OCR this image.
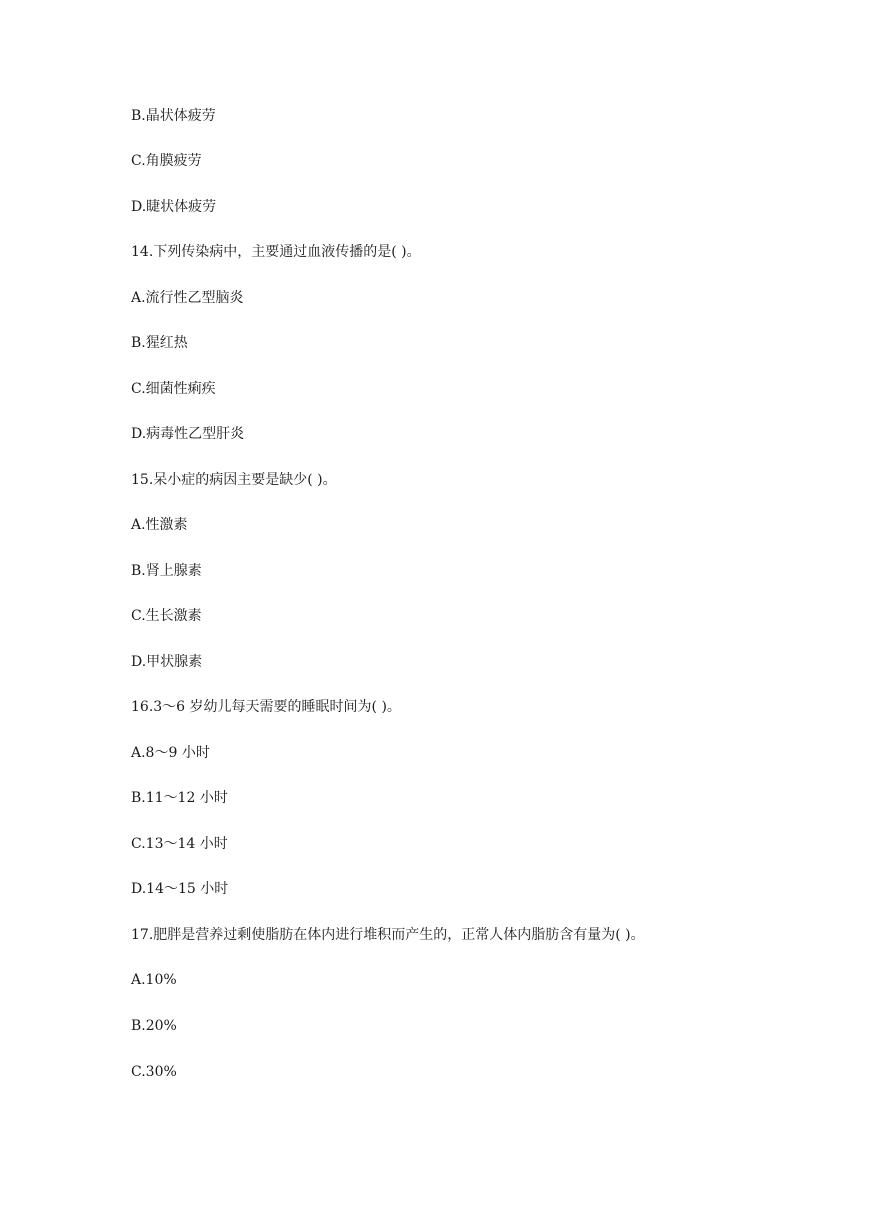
B.晶状体疲劳

C.角膜疲劳

D.睫状体疲劳

14.下列传染病中，主要通过血液传播的是( )。

A.流行性乙型脑炎

B.猩红热

C.细菌性痢疾

D.病毒性乙型肝炎

15.呆小症的病因主要是缺少( )。

A.性激素

B.肾上腺素

C.生长激素

D.甲状腺素

16.3～6 岁幼儿每天需要的睡眠时间为( )。

A.8～9 小时

B.11～12 小时

C.13～14 小时

D.14～15 小时

17.肥胖是营养过剩使脂肪在体内进行堆积而产生的，正常人体内脂肪含有量为( )。

A.10%

B.20%

C.30%
